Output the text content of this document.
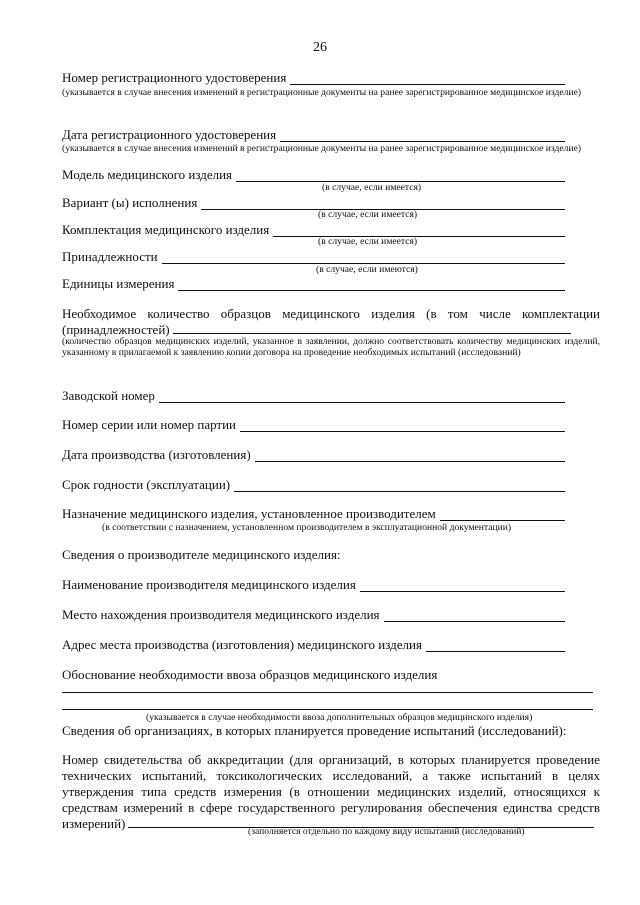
26
Номер регистрационного удостоверения
(указывается в случае внесения изменений в регистрационные документы на ранее зарегистрированное медицинское изделие)
Дата регистрационного удостоверения
(указывается в случае внесения изменений в регистрационные документы на ранее зарегистрированное медицинское изделие)
Модель медицинского изделия
(в случае, если имеется)
Вариант (ы) исполнения
(в случае, если имеется)
Комплектация медицинского изделия
(в случае, если имеется)
Принадлежности
(в случае, если имеются)
Единицы измерения
Необходимое количество образцов медицинского изделия (в том числе комплектации (принадлежностей)
(количество образцов медицинских изделий, указанное в заявлении, должно соответствовать количеству медицинских изделий, указанному в прилагаемой к заявлению копии договора на проведение необходимых испытаний (исследований)
Заводской номер
Номер серии или номер партии
Дата производства (изготовления)
Срок годности (эксплуатации)
Назначение медицинского изделия, установленное производителем
(в соответствии с назначением, установленном производителем в эксплуатационной документации)
Сведения о производителе медицинского изделия:
Наименование производителя медицинского изделия
Место нахождения производителя медицинского изделия
Адрес места производства (изготовления) медицинского изделия
Обоснование необходимости ввоза образцов медицинского изделия
(указывается в случае необходимости ввоза дополнительных образцов медицинского изделия)
Сведения об организациях, в которых планируется проведение испытаний (исследований):
Номер свидетельства об аккредитации (для организаций, в которых планируется проведение технических испытаний, токсикологических исследований, а также испытаний в целях утверждения типа средств измерения (в отношении медицинских изделий, относящихся к средствам измерений в сфере государственного регулирования обеспечения единства средств измерений)
(заполняется отдельно по каждому виду испытаний (исследований)
